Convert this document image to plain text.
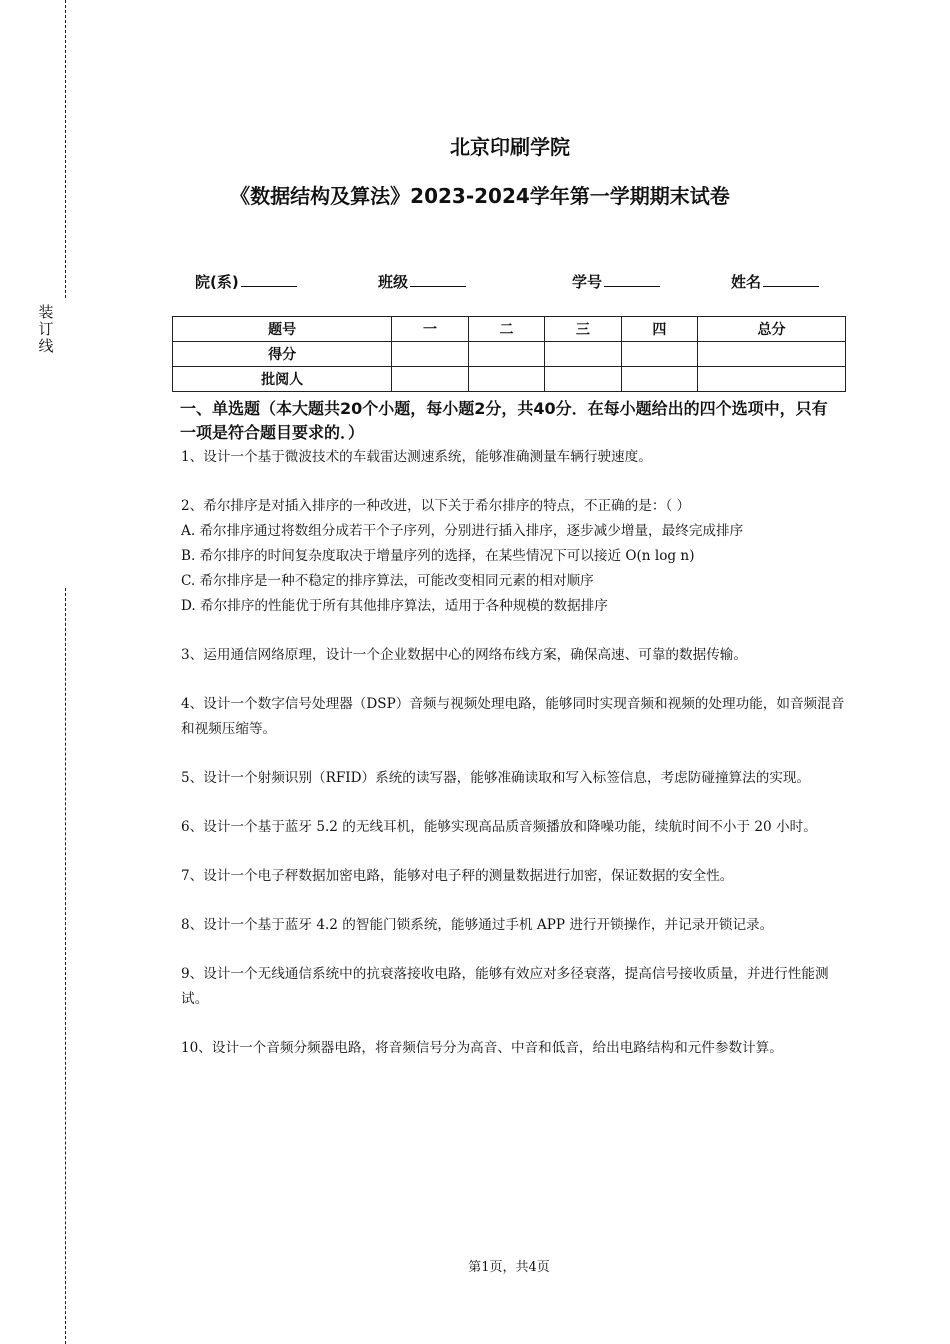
装订线
北京印刷学院
《数据结构及算法》2023-2024学年第一学期期末试卷
院(系)	班级	学号	姓名
题号	一	二	三	四	总分
得分					
批阅人					
一、单选题（本大题共20个小题，每小题2分，共40分．在每小题给出的四个选项中，只有一项是符合题目要求的．）

1、设计一个基于微波技术的车载雷达测速系统，能够准确测量车辆行驶速度。

2、希尔排序是对插入排序的一种改进，以下关于希尔排序的特点，不正确的是：（ ）

A. 希尔排序通过将数组分成若干个子序列，分别进行插入排序，逐步减少增量，最终完成排序

B. 希尔排序的时间复杂度取决于增量序列的选择，在某些情况下可以接近 O(n log n)

C. 希尔排序是一种不稳定的排序算法，可能改变相同元素的相对顺序

D. 希尔排序的性能优于所有其他排序算法，适用于各种规模的数据排序

3、运用通信网络原理，设计一个企业数据中心的网络布线方案，确保高速、可靠的数据传输。

4、设计一个数字信号处理器（DSP）音频与视频处理电路，能够同时实现音频和视频的处理功能，如音频混音和视频压缩等。

5、设计一个射频识别（RFID）系统的读写器，能够准确读取和写入标签信息，考虑防碰撞算法的实现。

6、设计一个基于蓝牙 5.2 的无线耳机，能够实现高品质音频播放和降噪功能，续航时间不小于 20 小时。

7、设计一个电子秤数据加密电路，能够对电子秤的测量数据进行加密，保证数据的安全性。

8、设计一个基于蓝牙 4.2 的智能门锁系统，能够通过手机 APP 进行开锁操作，并记录开锁记录。

9、设计一个无线通信系统中的抗衰落接收电路，能够有效应对多径衰落，提高信号接收质量，并进行性能测试。

10、设计一个音频分频器电路，将音频信号分为高音、中音和低音，给出电路结构和元件参数计算。

第1页，共4页
